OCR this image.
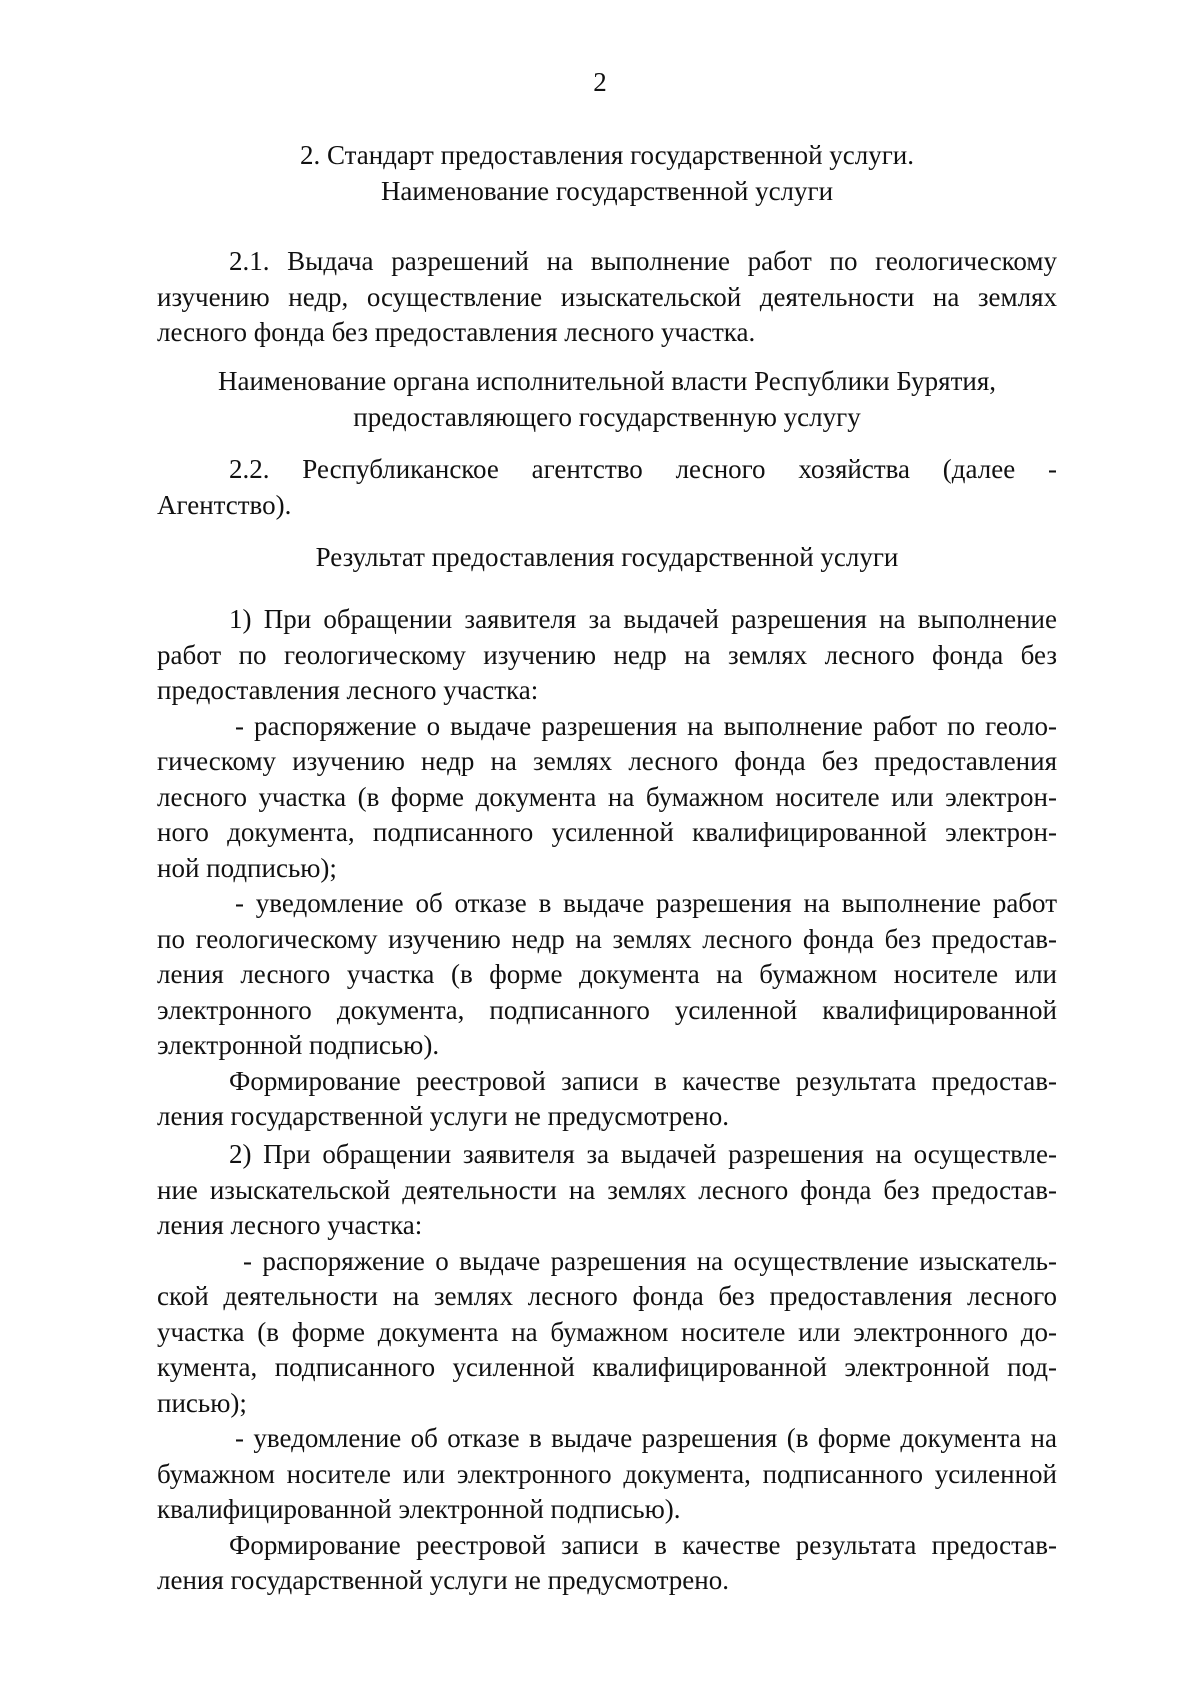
2
2. Стандарт предоставления государственной услуги.
Наименование государственной услуги
2.1. Выдача разрешений на выполнение работ по геологическому
изучению недр, осуществление изыскательской деятельности на землях
лесного фонда без предоставления лесного участка.
Наименование органа исполнительной власти Республики Бурятия,
предоставляющего государственную услугу
2.2. Республиканское агентство лесного хозяйства (далее -
Агентство).
Результат предоставления государственной услуги
1) При обращении заявителя за выдачей разрешения на выполнение
работ по геологическому изучению недр на землях лесного фонда без
предоставления лесного участка:
- распоряжение о выдаче разрешения на выполнение работ по геоло-
гическому изучению недр на землях лесного фонда без предоставления
лесного участка (в форме документа на бумажном носителе или электрон-
ного документа, подписанного усиленной квалифицированной электрон-
ной подписью);
- уведомление об отказе в выдаче разрешения на выполнение работ
по геологическому изучению недр на землях лесного фонда без предостав-
ления лесного участка (в форме документа на бумажном носителе или
электронного документа, подписанного усиленной квалифицированной
электронной подписью).
Формирование реестровой записи в качестве результата предостав-
ления государственной услуги не предусмотрено.
2) При обращении заявителя за выдачей разрешения на осуществле-
ние изыскательской деятельности на землях лесного фонда без предостав-
ления лесного участка:
- распоряжение о выдаче разрешения на осуществление изыскатель-
ской деятельности на землях лесного фонда без предоставления лесного
участка (в форме документа на бумажном носителе или электронного до-
кумента, подписанного усиленной квалифицированной электронной под-
писью);
- уведомление об отказе в выдаче разрешения (в форме документа на
бумажном носителе или электронного документа, подписанного усиленной
квалифицированной электронной подписью).
Формирование реестровой записи в качестве результата предостав-
ления государственной услуги не предусмотрено.
